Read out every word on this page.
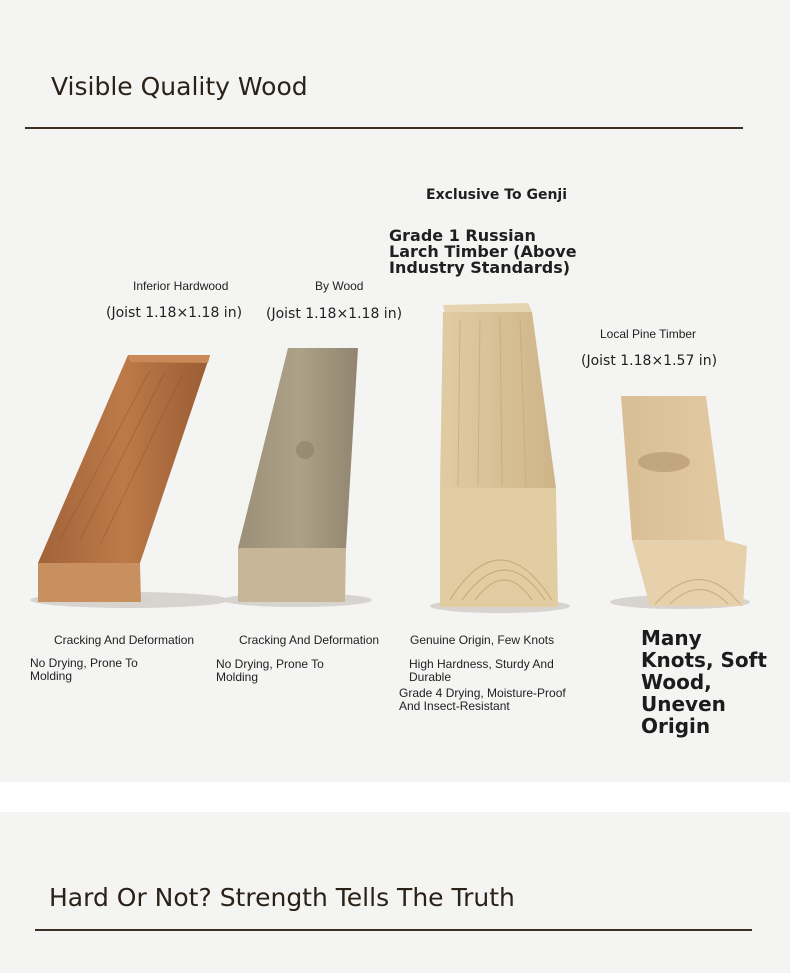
Visible Quality Wood
Inferior Hardwood
(Joist 1.18×1.18 in)
Cracking And Deformation
No Drying, Prone To Molding
By Wood
(Joist 1.18×1.18 in)
Cracking And Deformation
No Drying, Prone To Molding
Exclusive To Genji
Grade 1 Russian Larch Timber (Above Industry Standards)
Genuine Origin, Few Knots
High Hardness, Sturdy And Durable
Grade 4 Drying, Moisture-Proof And Insect-Resistant
Local Pine Timber
(Joist 1.18×1.57 in)
Many Knots, Soft Wood, Uneven Origin
Hard Or Not? Strength Tells The Truth
